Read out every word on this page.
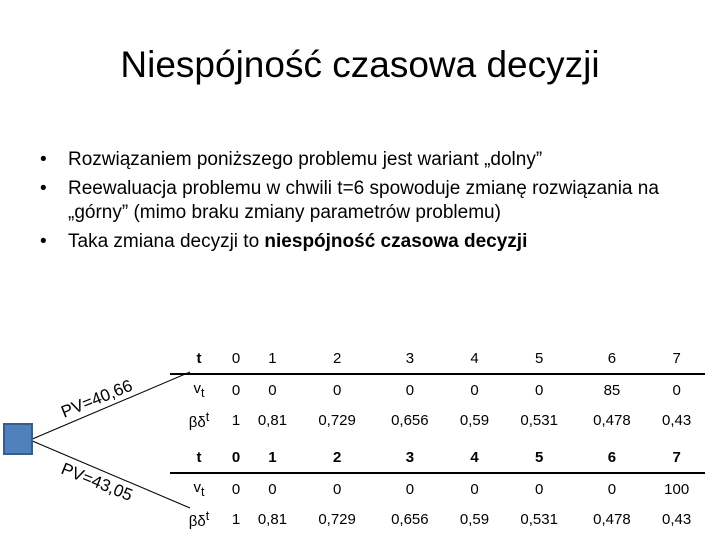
Niespójność czasowa decyzji
• Rozwiązaniem poniższego problemu jest wariant „dolny”
• Reewaluacja problemu w chwili t=6 spowoduje zmianę rozwiązania na „górny” (mimo braku zmiany parametrów problemu)
• Taka zmiana decyzji to niespójność czasowa decyzji
PV=40,66
PV=43,05
t	0	1	2	3	4	5	6	7
$v_t$	0	0	0	0	0	0	85	0
$\beta\delta^t$	1	0,81	0,729	0,656	0,59	0,531	0,478	0,43
t	0	1	2	3	4	5	6	7
$v_t$	0	0	0	0	0	0	0	100
$\beta\delta^t$	1	0,81	0,729	0,656	0,59	0,531	0,478	0,43
